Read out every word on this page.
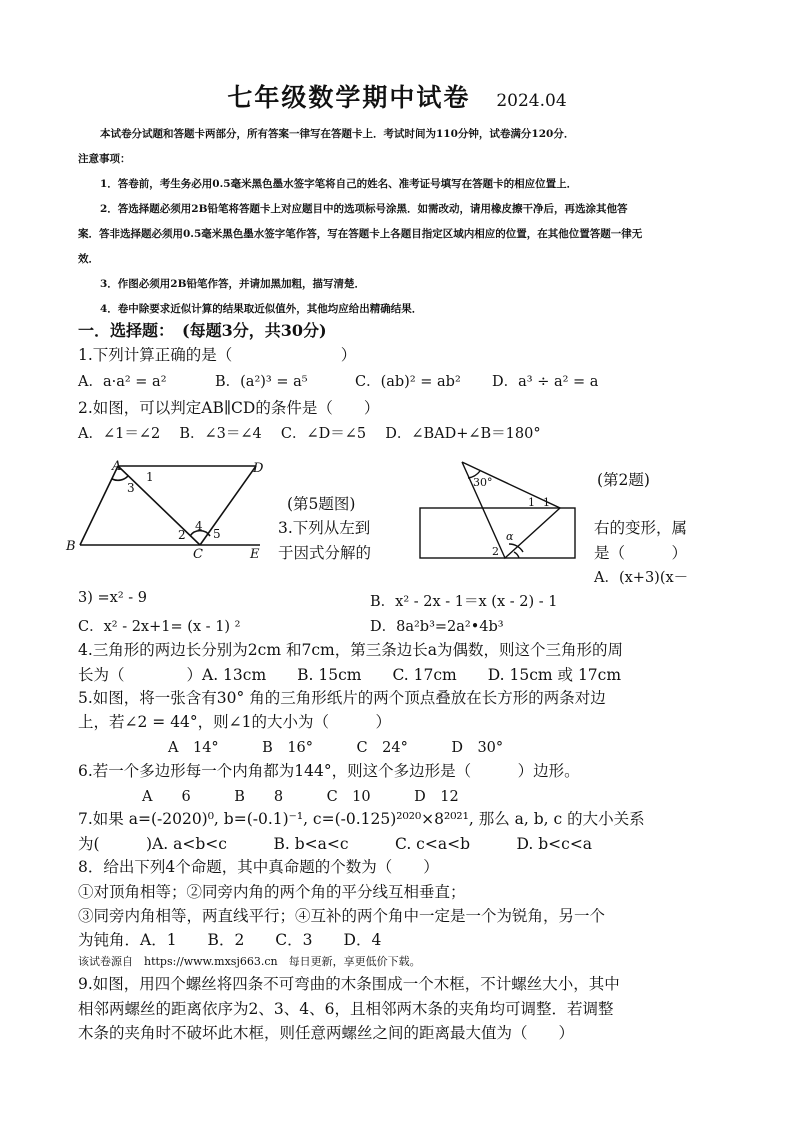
七年级数学期中试卷 2024.04
本试卷分试题和答题卡两部分，所有答案一律写在答题卡上．考试时间为110分钟，试卷满分120分．
注意事项：
1．答卷前，考生务必用0.5毫米黑色墨水签字笔将自己的姓名、准考证号填写在答题卡的相应位置上．
2．答选择题必须用2B铅笔将答题卡上对应题目中的选项标号涂黑．如需改动，请用橡皮擦干净后，再选涂其他答
案．答非选择题必须用0.5毫米黑色墨水签字笔作答，写在答题卡上各题目指定区域内相应的位置，在其他位置答题一律无
效．
3．作图必须用2B铅笔作答，并请加黑加粗，描写清楚．
4．卷中除要求近似计算的结果取近似值外，其他均应给出精确结果．
一．选择题：　(每题3分，共30分)
1.下列计算正确的是（　　　　　　　）
A．a·a² = a²	B．(a²)³ = a⁵	C．(ab)² = ab² D．a³ ÷ a² = a
2.如图，可以判定AB∥CD的条件是（　　）
A．∠1＝∠2　 B．∠3＝∠4　 C．∠D＝∠5　 D．∠BAD+∠B＝180°
A	D
B
C	E
1
3
2
4
5
30°
1 1
2
α
(第2题)
(第5题图)
3.下列从左到	右的变形，属
于因式分解的	是（　　　）
A．(x+3)(x－
3) =x² - 9	B．x² - 2x - 1＝x (x - 2) - 1
C．x² - 2x+1= (x - 1) ²	D．8a²b³=2a²•4b³
4.三角形的两边长分别为2cm 和7cm，第三条边长a为偶数，则这个三角形的周
长为（　　　　）A. 13cm　　B. 15cm　　C. 17cm　　D. 15cm 或 17cm
5.如图，将一张含有30° 角的三角形纸片的两个顶点叠放在长方形的两条对边
上，若∠2 = 44°，则∠1的大小为（　　　）
A　14°　　　B　16°　　　C　24°　　　D　30°
6.若一个多边形每一个内角都为144°，则这个多边形是（　　　）边形。
A　　6　　　B　　8　　　C　10　　　D　12
7.如果 a=(-2020)⁰, b=(-0.1)⁻¹, c=(-0.125)²⁰²⁰×8²⁰²¹, 那么 a, b, c 的大小关系
为(　　　)A. a<b<c　　　B. b<a<c　　　C. c<a<b　　　D. b<c<a
8．给出下列4个命题，其中真命题的个数为（　　）
①对顶角相等；②同旁内角的两个角的平分线互相垂直；
③同旁内角相等，两直线平行；④互补的两个角中一定是一个为锐角，另一个
为钝角．A．1　　B．2　　C．3　　D．4
该试卷源自　https://www.mxsj663.cn　每日更新，享更低价下载。
9.如图，用四个螺丝将四条不可弯曲的木条围成一个木框，不计螺丝大小，其中
相邻两螺丝的距离依序为2、3、4、6，且相邻两木条的夹角均可调整．若调整
木条的夹角时不破坏此木框，则任意两螺丝之间的距离最大值为（　　）
